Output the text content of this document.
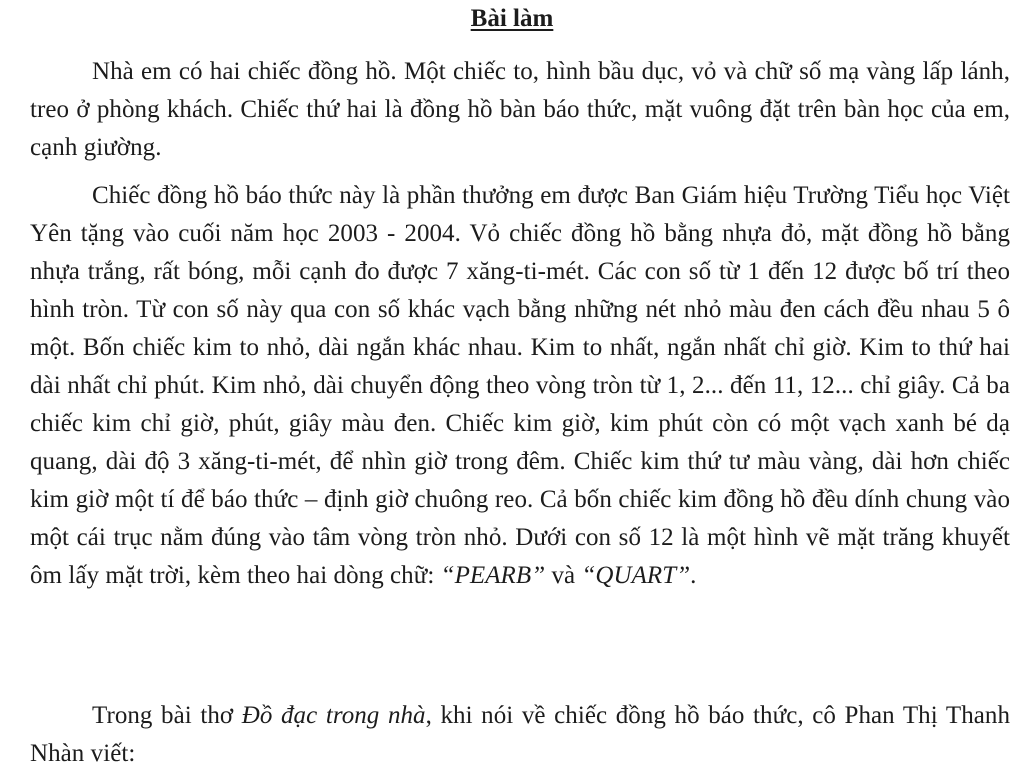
Bài làm

Nhà em có hai chiếc đồng hồ. Một chiếc to, hình bầu dục, vỏ và chữ số mạ vàng lấp lánh, treo ở phòng khách. Chiếc thứ hai là đồng hồ bàn báo thức, mặt vuông đặt trên bàn học của em, cạnh giường.

Chiếc đồng hồ báo thức này là phần thưởng em được Ban Giám hiệu Trường Tiểu học Việt Yên tặng vào cuối năm học 2003 - 2004. Vỏ chiếc đồng hồ bằng nhựa đỏ, mặt đồng hồ bằng nhựa trắng, rất bóng, mỗi cạnh đo được 7 xăng-ti-mét. Các con số từ 1 đến 12 được bố trí theo hình tròn. Từ con số này qua con số khác vạch bằng những nét nhỏ màu đen cách đều nhau 5 ô một. Bốn chiếc kim to nhỏ, dài ngắn khác nhau. Kim to nhất, ngắn nhất chỉ giờ. Kim to thứ hai dài nhất chỉ phút. Kim nhỏ, dài chuyển động theo vòng tròn từ 1, 2... đến 11, 12... chỉ giây. Cả ba chiếc kim chỉ giờ, phút, giây màu đen. Chiếc kim giờ, kim phút còn có một vạch xanh bé dạ quang, dài độ 3 xăng-ti-mét, để nhìn giờ trong đêm. Chiếc kim thứ tư màu vàng, dài hơn chiếc kim giờ một tí để báo thức – định giờ chuông reo. Cả bốn chiếc kim đồng hồ đều dính chung vào một cái trục nằm đúng vào tâm vòng tròn nhỏ. Dưới con số 12 là một hình vẽ mặt trăng khuyết ôm lấy mặt trời, kèm theo hai dòng chữ: “PEARB” và “QUART”.

Trong bài thơ Đồ đạc trong nhà, khi nói về chiếc đồng hồ báo thức, cô Phan Thị Thanh Nhàn viết:
